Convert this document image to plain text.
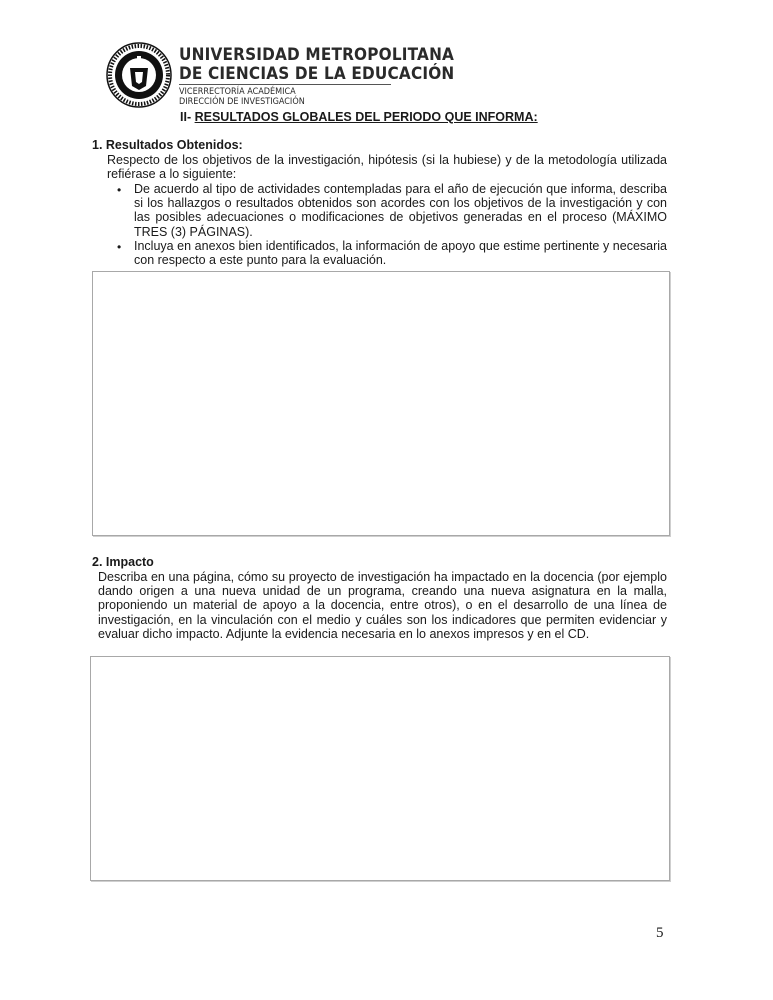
UNIVERSIDAD METROPOLITANA
DE CIENCIAS DE LA EDUCACIÓN
VICERRECTORÍA ACADÉMICA
DIRECCIÓN DE INVESTIGACIÓN
II- RESULTADOS GLOBALES DEL PERIODO QUE INFORMA:
1. Resultados Obtenidos:
Respecto de los objetivos de la investigación, hipótesis (si la hubiese) y de la metodología utilizada refiérase a lo siguiente:
• De acuerdo al tipo de actividades contempladas para el año de ejecución que informa, describa si los hallazgos o resultados obtenidos son acordes con los objetivos de la investigación y con las posibles adecuaciones o modificaciones de objetivos generadas en el proceso (MÁXIMO TRES (3) PÁGINAS).
• Incluya en anexos bien identificados, la información de apoyo que estime pertinente y necesaria con respecto a este punto para la evaluación.
2. Impacto
Describa en una página, cómo su proyecto de investigación ha impactado en la docencia (por ejemplo dando origen a una nueva unidad de un programa, creando una nueva asignatura en la malla, proponiendo un material de apoyo a la docencia, entre otros), o en el desarrollo de una línea de investigación, en la vinculación con el medio y cuáles son los indicadores que permiten evidenciar y evaluar dicho impacto. Adjunte la evidencia necesaria en lo anexos impresos y en el CD.
5
